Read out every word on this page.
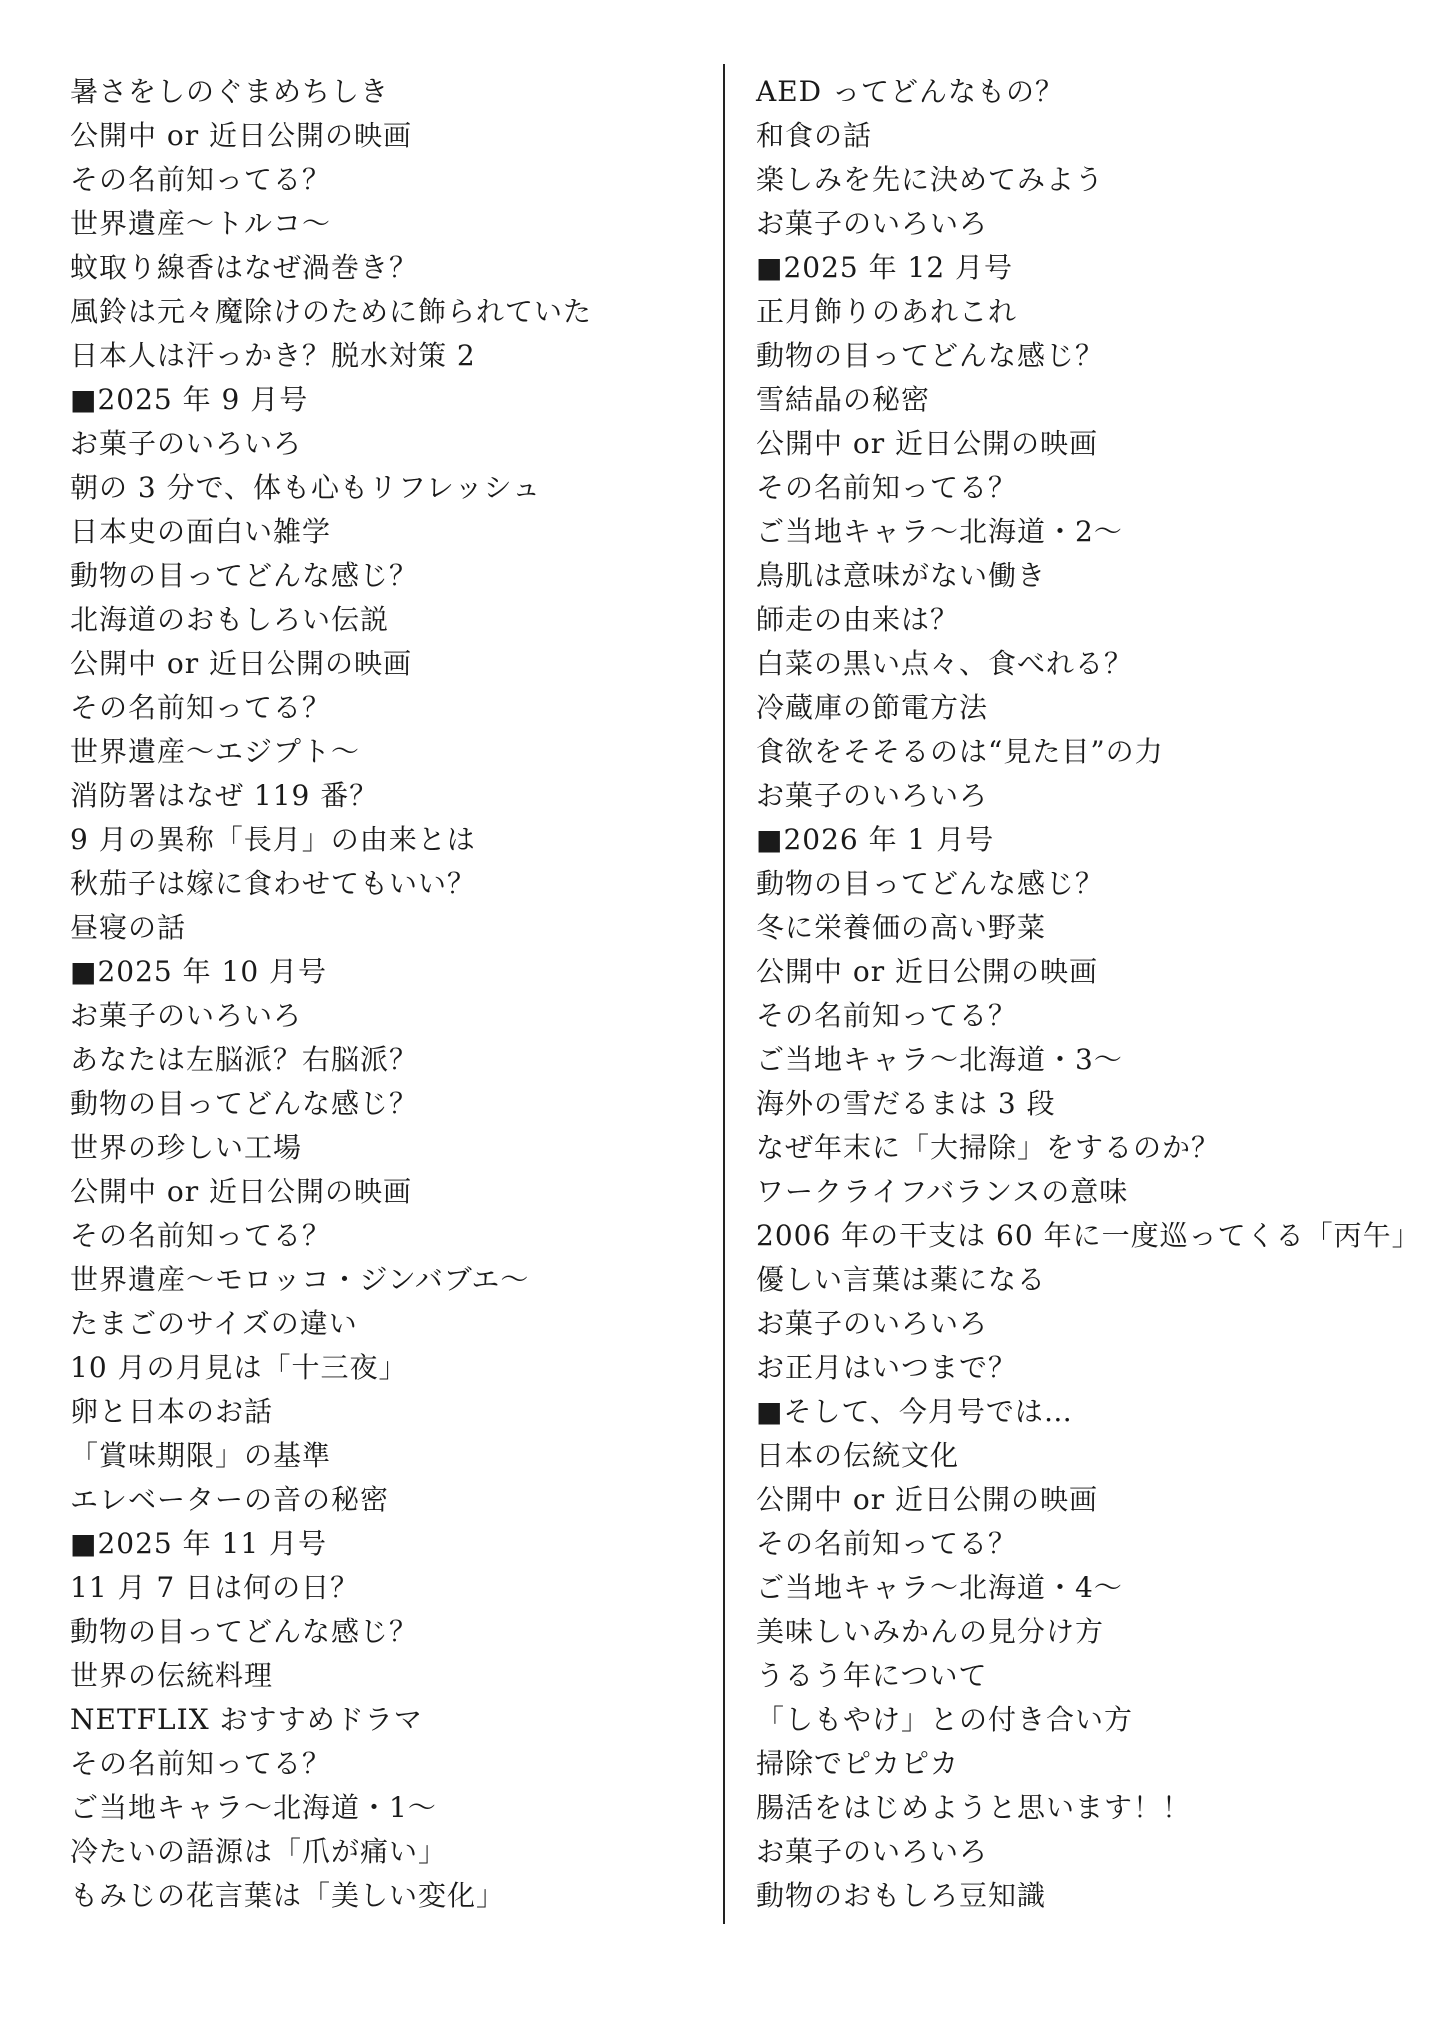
暑さをしのぐまめちしき
公開中 or 近日公開の映画
その名前知ってる？
世界遺産～トルコ～
蚊取り線香はなぜ渦巻き？
風鈴は元々魔除けのために飾られていた
日本人は汗っかき？脱水対策 2
■2025 年 9 月号
お菓子のいろいろ
朝の 3 分で、体も心もリフレッシュ
日本史の面白い雑学
動物の目ってどんな感じ？
北海道のおもしろい伝説
公開中 or 近日公開の映画
その名前知ってる？
世界遺産～エジプト～
消防署はなぜ 119 番？
9 月の異称「長月」の由来とは
秋茄子は嫁に食わせてもいい？
昼寝の話
■2025 年 10 月号
お菓子のいろいろ
あなたは左脳派？右脳派？
動物の目ってどんな感じ？
世界の珍しい工場
公開中 or 近日公開の映画
その名前知ってる？
世界遺産～モロッコ・ジンバブエ～
たまごのサイズの違い
10 月の月見は「十三夜」
卵と日本のお話
「賞味期限」の基準
エレベーターの音の秘密
■2025 年 11 月号
11 月 7 日は何の日？
動物の目ってどんな感じ？
世界の伝統料理
NETFLIX おすすめドラマ
その名前知ってる？
ご当地キャラ～北海道・1～
冷たいの語源は「爪が痛い」
もみじの花言葉は「美しい変化」
AED ってどんなもの？
和食の話
楽しみを先に決めてみよう
お菓子のいろいろ
■2025 年 12 月号
正月飾りのあれこれ
動物の目ってどんな感じ？
雪結晶の秘密
公開中 or 近日公開の映画
その名前知ってる？
ご当地キャラ～北海道・2～
鳥肌は意味がない働き
師走の由来は？
白菜の黒い点々、食べれる？
冷蔵庫の節電方法
食欲をそそるのは“見た目”の力
お菓子のいろいろ
■2026 年 1 月号
動物の目ってどんな感じ？
冬に栄養価の高い野菜
公開中 or 近日公開の映画
その名前知ってる？
ご当地キャラ～北海道・3～
海外の雪だるまは 3 段
なぜ年末に「大掃除」をするのか？
ワークライフバランスの意味
2006 年の干支は 60 年に一度巡ってくる「丙午」
優しい言葉は薬になる
お菓子のいろいろ
お正月はいつまで？
■そして、今月号では…
日本の伝統文化
公開中 or 近日公開の映画
その名前知ってる？
ご当地キャラ～北海道・4～
美味しいみかんの見分け方
うるう年について
「しもやけ」との付き合い方
掃除でピカピカ
腸活をはじめようと思います！！
お菓子のいろいろ
動物のおもしろ豆知識
